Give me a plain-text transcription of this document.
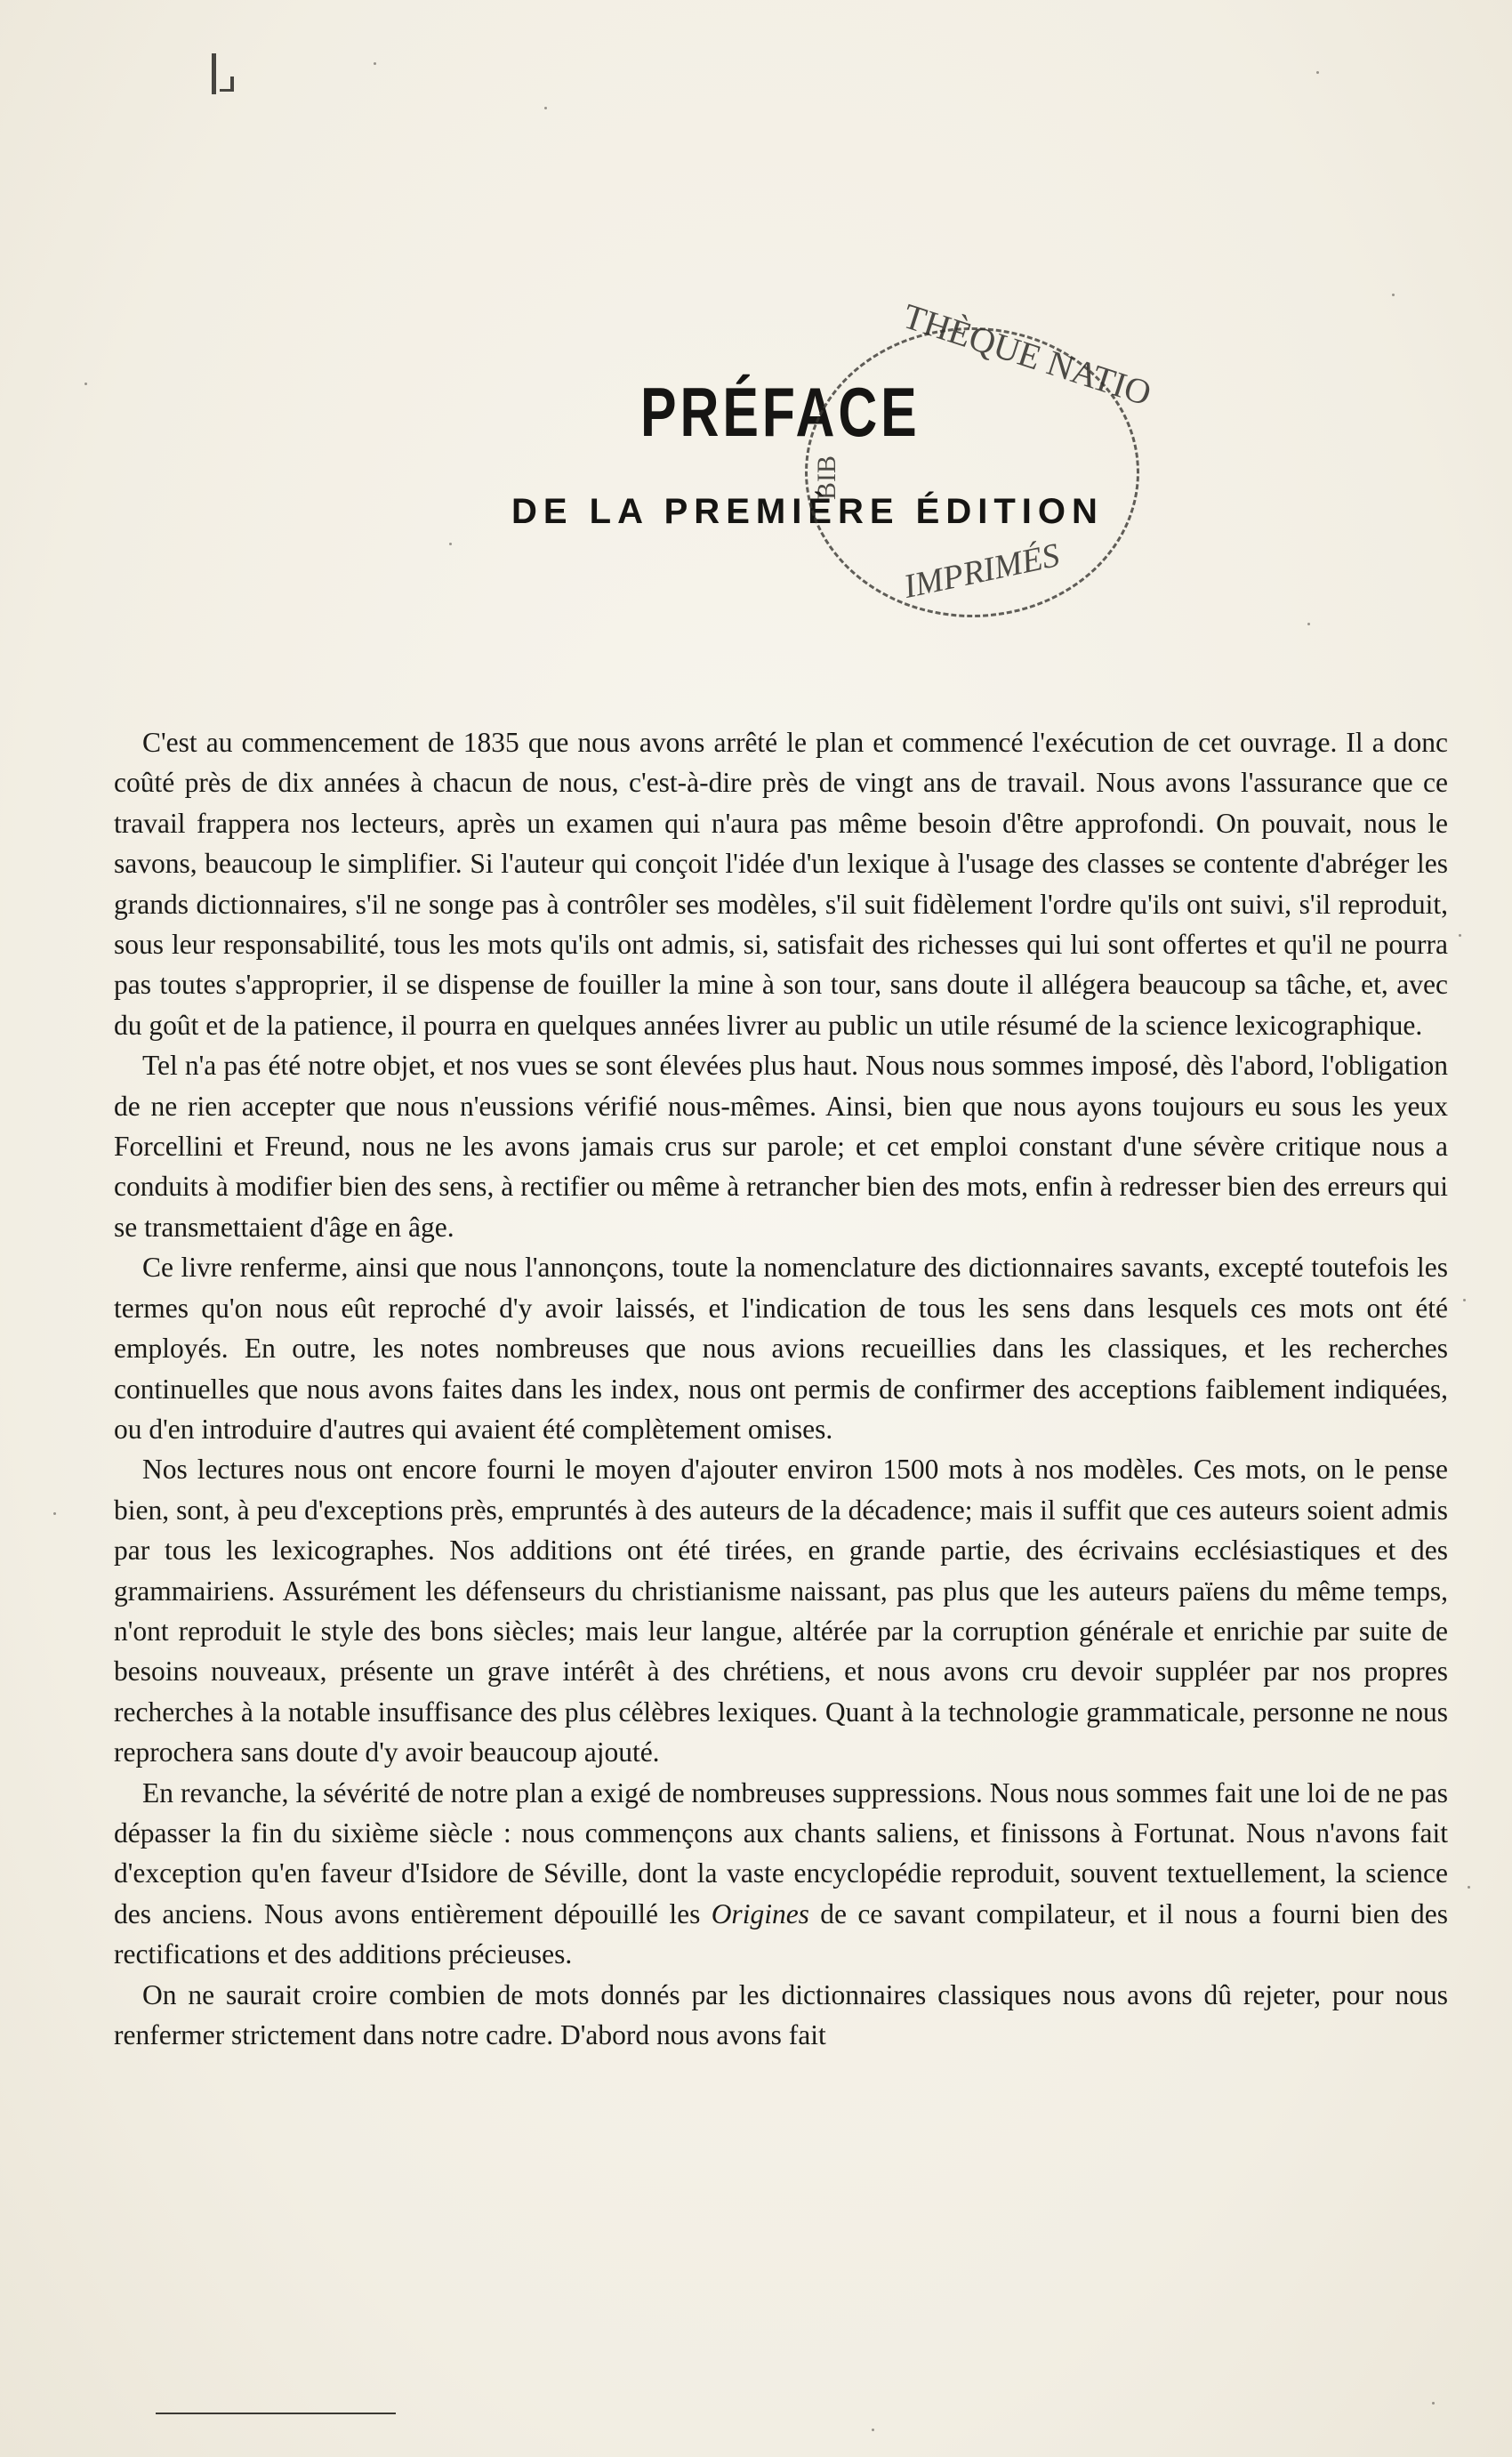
PRÉFACE
DE LA PREMIÈRE ÉDITION
THÈQUE NATIO
BIB
IMPRIMÉS

C'est au commencement de 1835 que nous avons arrêté le plan et commencé l'exécution de cet ouvrage. Il a donc coûté près de dix années à chacun de nous, c'est-à-dire près de vingt ans de travail. Nous avons l'assurance que ce travail frappera nos lecteurs, après un examen qui n'aura pas même besoin d'être approfondi. On pouvait, nous le savons, beaucoup le simplifier. Si l'auteur qui conçoit l'idée d'un lexique à l'usage des classes se contente d'abréger les grands dictionnaires, s'il ne songe pas à contrôler ses modèles, s'il suit fidèlement l'ordre qu'ils ont suivi, s'il reproduit, sous leur responsabilité, tous les mots qu'ils ont admis, si, satisfait des richesses qui lui sont offertes et qu'il ne pourra pas toutes s'approprier, il se dispense de fouiller la mine à son tour, sans doute il allégera beaucoup sa tâche, et, avec du goût et de la patience, il pourra en quelques années livrer au public un utile résumé de la science lexicographique.

Tel n'a pas été notre objet, et nos vues se sont élevées plus haut. Nous nous sommes imposé, dès l'abord, l'obligation de ne rien accepter que nous n'eussions vérifié nous-mêmes. Ainsi, bien que nous ayons toujours eu sous les yeux Forcellini et Freund, nous ne les avons jamais crus sur parole; et cet emploi constant d'une sévère critique nous a conduits à modifier bien des sens, à rectifier ou même à retrancher bien des mots, enfin à redresser bien des erreurs qui se transmettaient d'âge en âge.

Ce livre renferme, ainsi que nous l'annonçons, toute la nomenclature des dictionnaires savants, excepté toutefois les termes qu'on nous eût reproché d'y avoir laissés, et l'indication de tous les sens dans lesquels ces mots ont été employés. En outre, les notes nombreuses que nous avions recueillies dans les classiques, et les recherches continuelles que nous avons faites dans les index, nous ont permis de confirmer des acceptions faiblement indiquées, ou d'en introduire d'autres qui avaient été complètement omises.

Nos lectures nous ont encore fourni le moyen d'ajouter environ 1500 mots à nos modèles. Ces mots, on le pense bien, sont, à peu d'exceptions près, empruntés à des auteurs de la décadence; mais il suffit que ces auteurs soient admis par tous les lexicographes. Nos additions ont été tirées, en grande partie, des écrivains ecclésiastiques et des grammairiens. Assurément les défenseurs du christianisme naissant, pas plus que les auteurs païens du même temps, n'ont reproduit le style des bons siècles; mais leur langue, altérée par la corruption générale et enrichie par suite de besoins nouveaux, présente un grave intérêt à des chrétiens, et nous avons cru devoir suppléer par nos propres recherches à la notable insuffisance des plus célèbres lexiques. Quant à la technologie grammaticale, personne ne nous reprochera sans doute d'y avoir beaucoup ajouté.

En revanche, la sévérité de notre plan a exigé de nombreuses suppressions. Nous nous sommes fait une loi de ne pas dépasser la fin du sixième siècle : nous commençons aux chants saliens, et finissons à Fortunat. Nous n'avons fait d'exception qu'en faveur d'Isidore de Séville, dont la vaste encyclopédie reproduit, souvent textuellement, la science des anciens. Nous avons entièrement dépouillé les Origines de ce savant compilateur, et il nous a fourni bien des rectifications et des additions précieuses.

On ne saurait croire combien de mots donnés par les dictionnaires classiques nous avons dû rejeter, pour nous renfermer strictement dans notre cadre. D'abord nous avons fait
